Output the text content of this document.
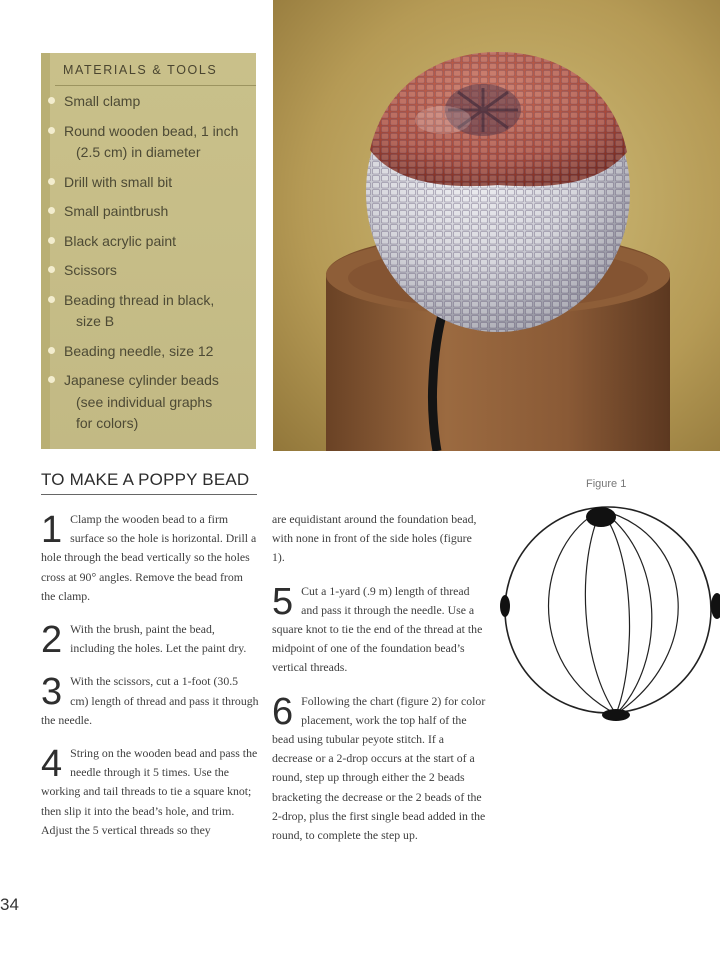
MATERIALS & TOOLS
Small clamp
Round wooden bead, 1 inch
(2.5 cm) in diameter
Drill with small bit
Small paintbrush
Black acrylic paint
Scissors
Beading thread in black,
size B
Beading needle, size 12
Japanese cylinder beads
(see individual graphs
for colors)
TO MAKE A POPPY BEAD
1 Clamp the wooden bead to a firm surface so the hole is horizontal. Drill a hole through the bead vertically so the holes cross at 90° angles. Remove the bead from the clamp.

2 With the brush, paint the bead, including the holes. Let the paint dry.

3 With the scissors, cut a 1-foot (30.5 cm) length of thread and pass it through the needle.

4 String on the wooden bead and pass the needle through it 5 times. Use the working and tail threads to tie a square knot; then slip it into the bead’s hole, and trim. Adjust the 5 vertical threads so they

are equidistant around the foundation bead, with none in front of the side holes (figure 1).

5 Cut a 1-yard (.9 m) length of thread and pass it through the needle. Use a square knot to tie the end of the thread at the midpoint of one of the foundation bead’s vertical threads.

6 Following the chart (figure 2) for color placement, work the top half of the bead using tubular peyote stitch. If a decrease or a 2-drop occurs at the start of a round, step up through either the 2 beads bracketing the decrease or the 2 beads of the 2-drop, plus the first single bead added in the round, to complete the step up.

Figure 1
34
